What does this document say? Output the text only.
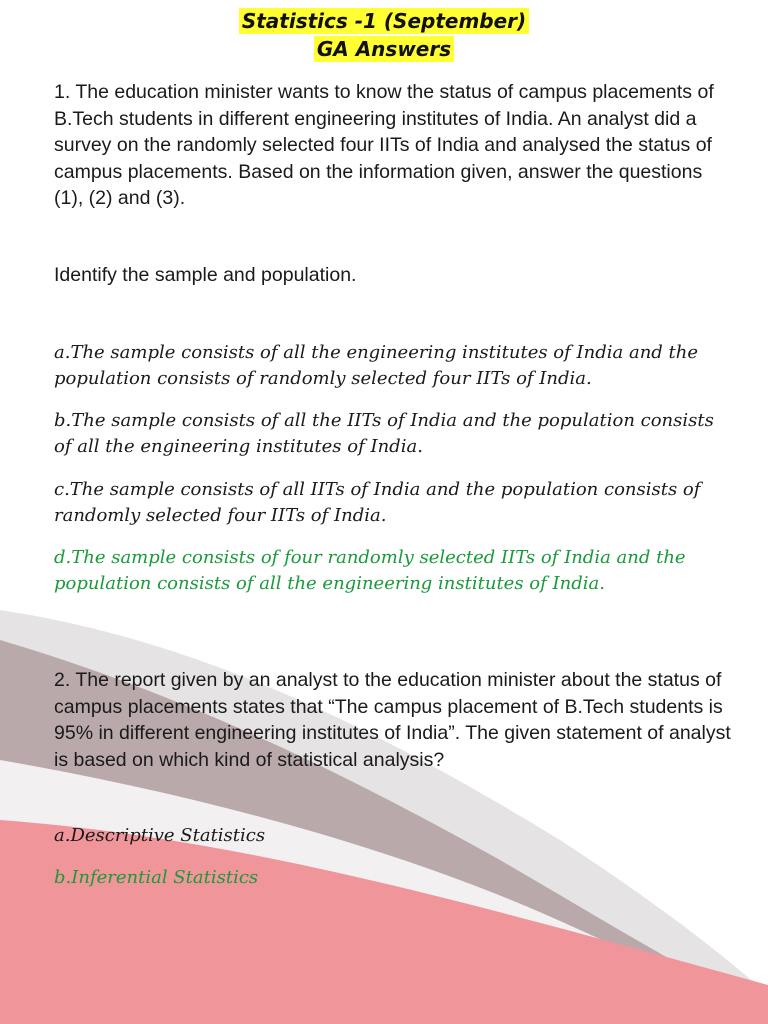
Statistics -1 (September)
GA Answers

1. The education minister wants to know the status of campus placements of B.Tech students in different engineering institutes of India. An analyst did a survey on the randomly selected four IITs of India and analysed the status of campus placements. Based on the information given, answer the questions (1), (2) and (3).

Identify the sample and population.

a.The sample consists of all the engineering institutes of India and the population consists of randomly selected four IITs of India.

b.The sample consists of all the IITs of India and the population consists of all the engineering institutes of India.

c.The sample consists of all IITs of India and the population consists of randomly selected four IITs of India.

d.The sample consists of four randomly selected IITs of India and the population consists of all the engineering institutes of India.

2. The report given by an analyst to the education minister about the status of campus placements states that “The campus placement of B.Tech students is 95% in different engineering institutes of India”. The given statement of analyst is based on which kind of statistical analysis?

a.Descriptive Statistics

b.Inferential Statistics
